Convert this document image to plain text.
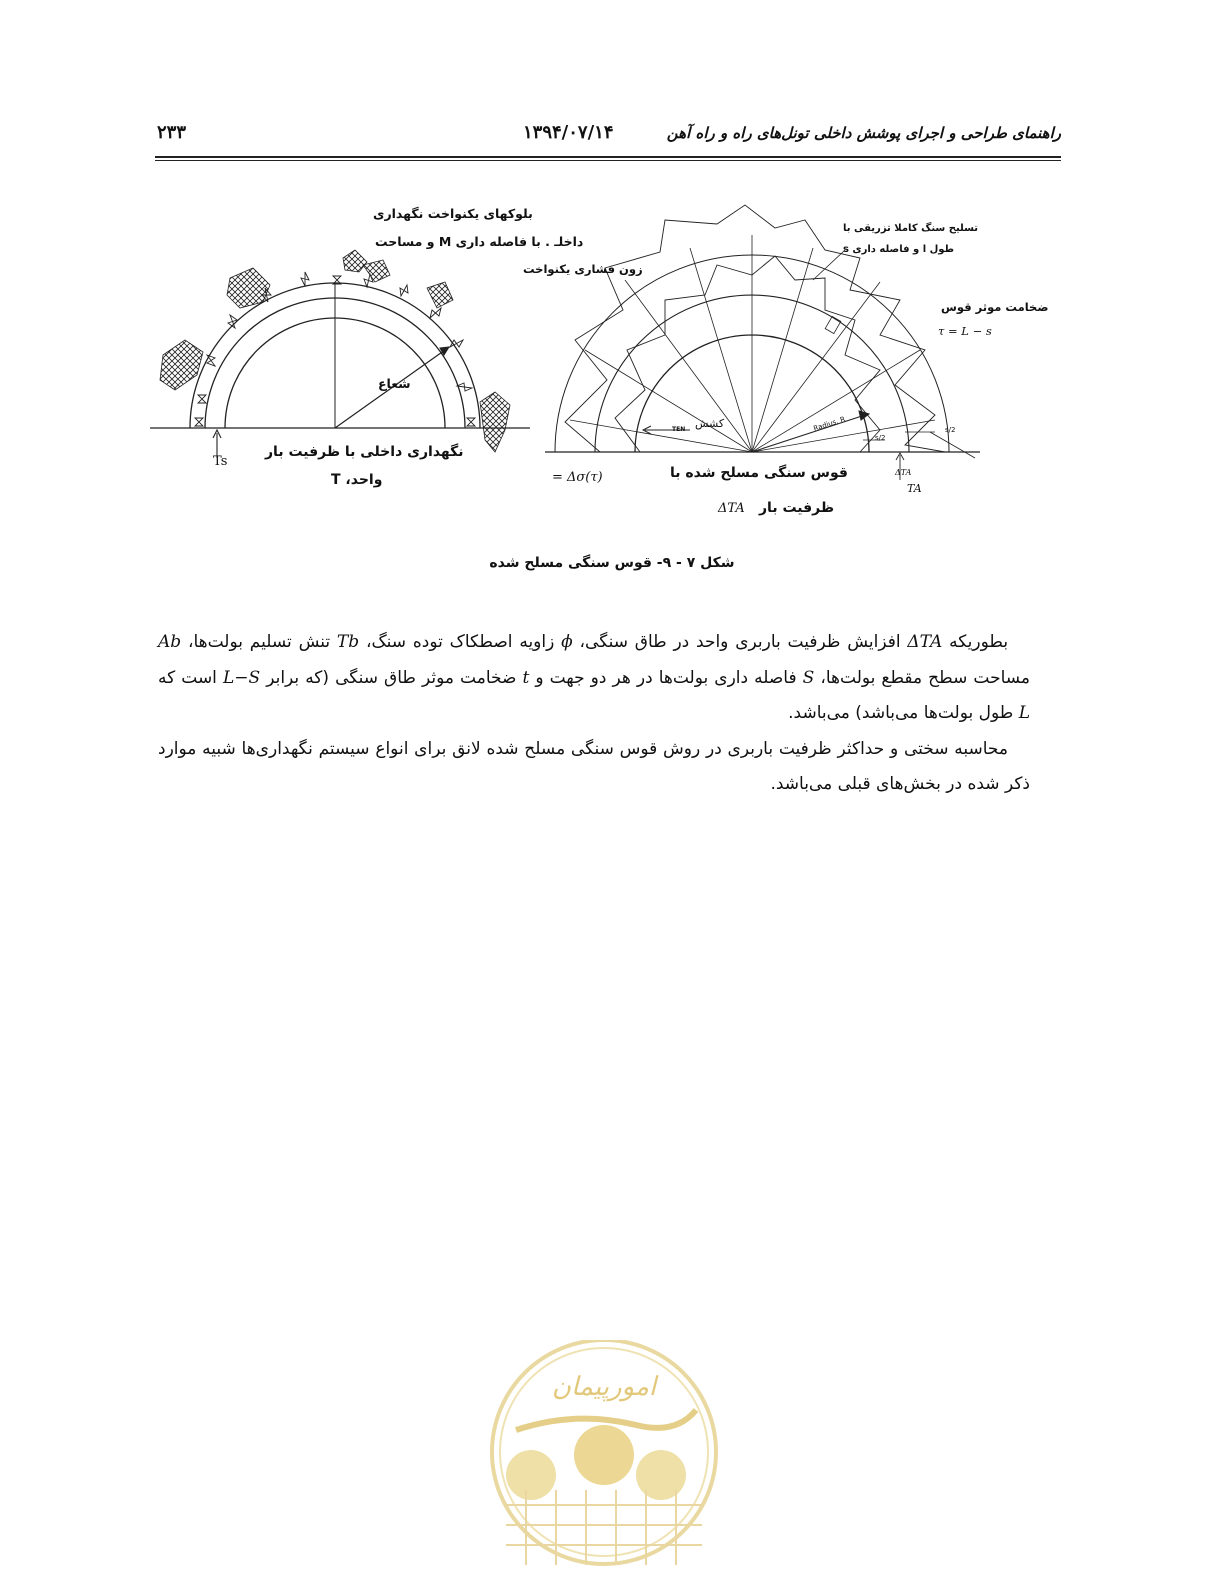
راهنمای طراحی و اجرای پوشش داخلی تونل‌های راه و راه آهن
۱۳۹۴/۰۷/۱۴
۲۳۳
بلوکهای یکنواخت نگهداری
داخلـ . با فاصله داری M و مساحت
شعاع
نگهداری داخلی با ظرفیت بار
واحد، T
Ts
زون فشاری یکنواخت
تسلیح سنگ کاملا تزریقی با
طول l و فاصله داری s
ضخامت موثر قوس
τ = L − s
کشش
TEN	Radius, R
s/2
s/2
= Δσ(τ)	قوس سنگی مسلح شده با
ظرفیت بار
ΔTA
ΔTA
TA
شکل ۷ - ۹- قوس سنگی مسلح شده

بطوریکه ΔTA افزایش ظرفیت باربری واحد در طاق سنگی، ϕ زاویه اصطکاک توده سنگ، Tb تنش تسلیم بولت‌ها، Ab مساحت سطح مقطع بولت‌ها، S فاصله داری بولت‌ها در هر دو جهت و t ضخامت موثر طاق سنگی (که برابر L−S است که L طول بولت‌ها می‌باشد) می‌باشد.

محاسبه سختی و حداکثر ظرفیت باربری در روش قوس سنگی مسلح شده لانق برای انواع سیستم نگهداری‌ها شبیه موارد ذکر شده در بخش‌های قبلی می‌باشد.

امورپیمان
